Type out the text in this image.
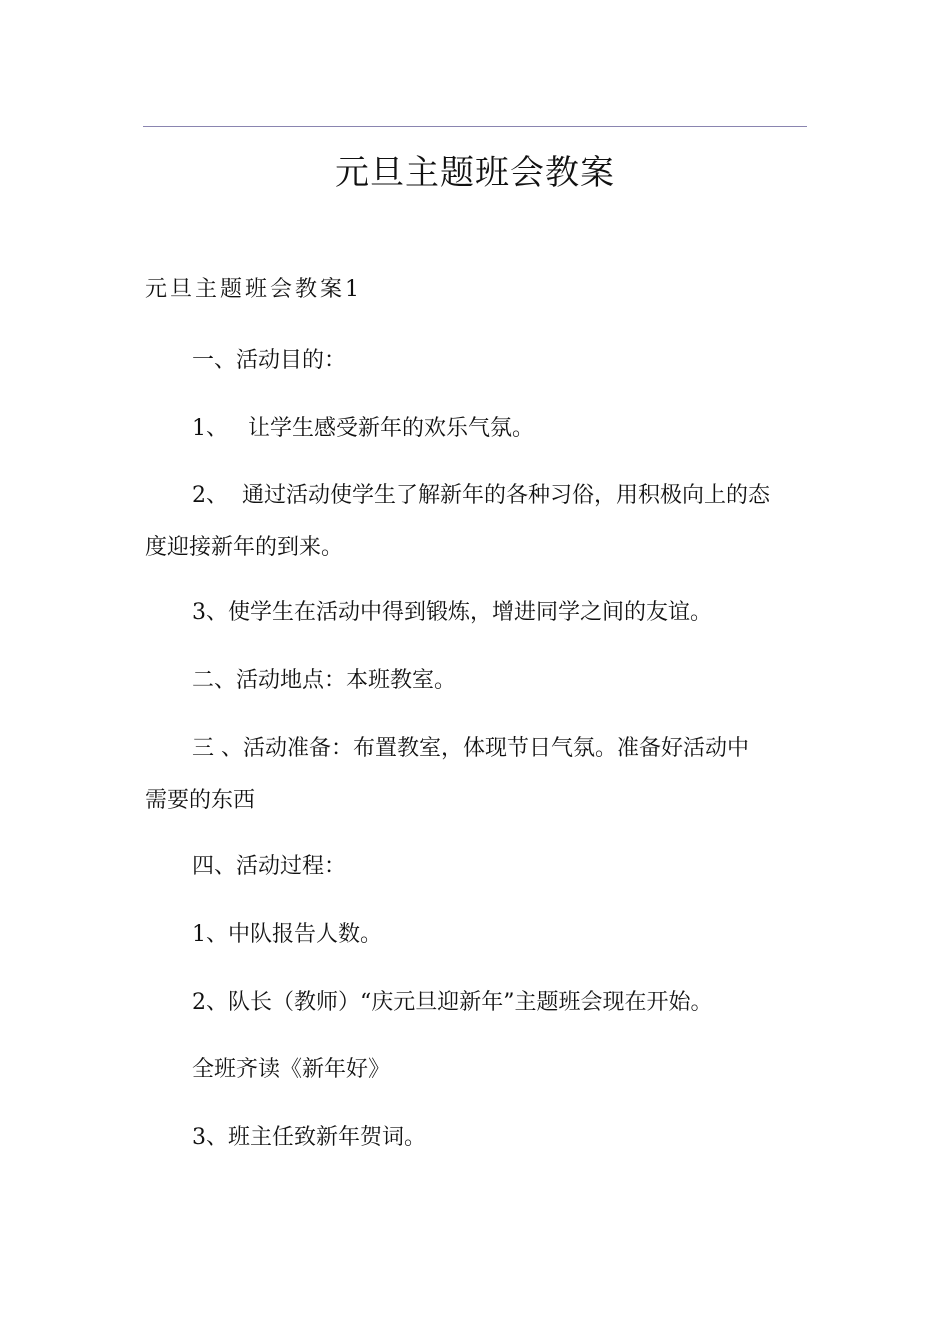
元旦主题班会教案
元旦主题班会教案1
一、活动目的：
1、 让学生感受新年的欢乐气氛。
2、 通过活动使学生了解新年的各种习俗，用积极向上的态
度迎接新年的到来。
3、使学生在活动中得到锻炼，增进同学之间的友谊。
二、活动地点：本班教室。
三 、活动准备：布置教室，体现节日气氛。准备好活动中
需要的东西
四、活动过程：
1、中队报告人数。
2、队长（教师）“庆元旦迎新年”主题班会现在开始。
全班齐读《新年好》
3、班主任致新年贺词。
